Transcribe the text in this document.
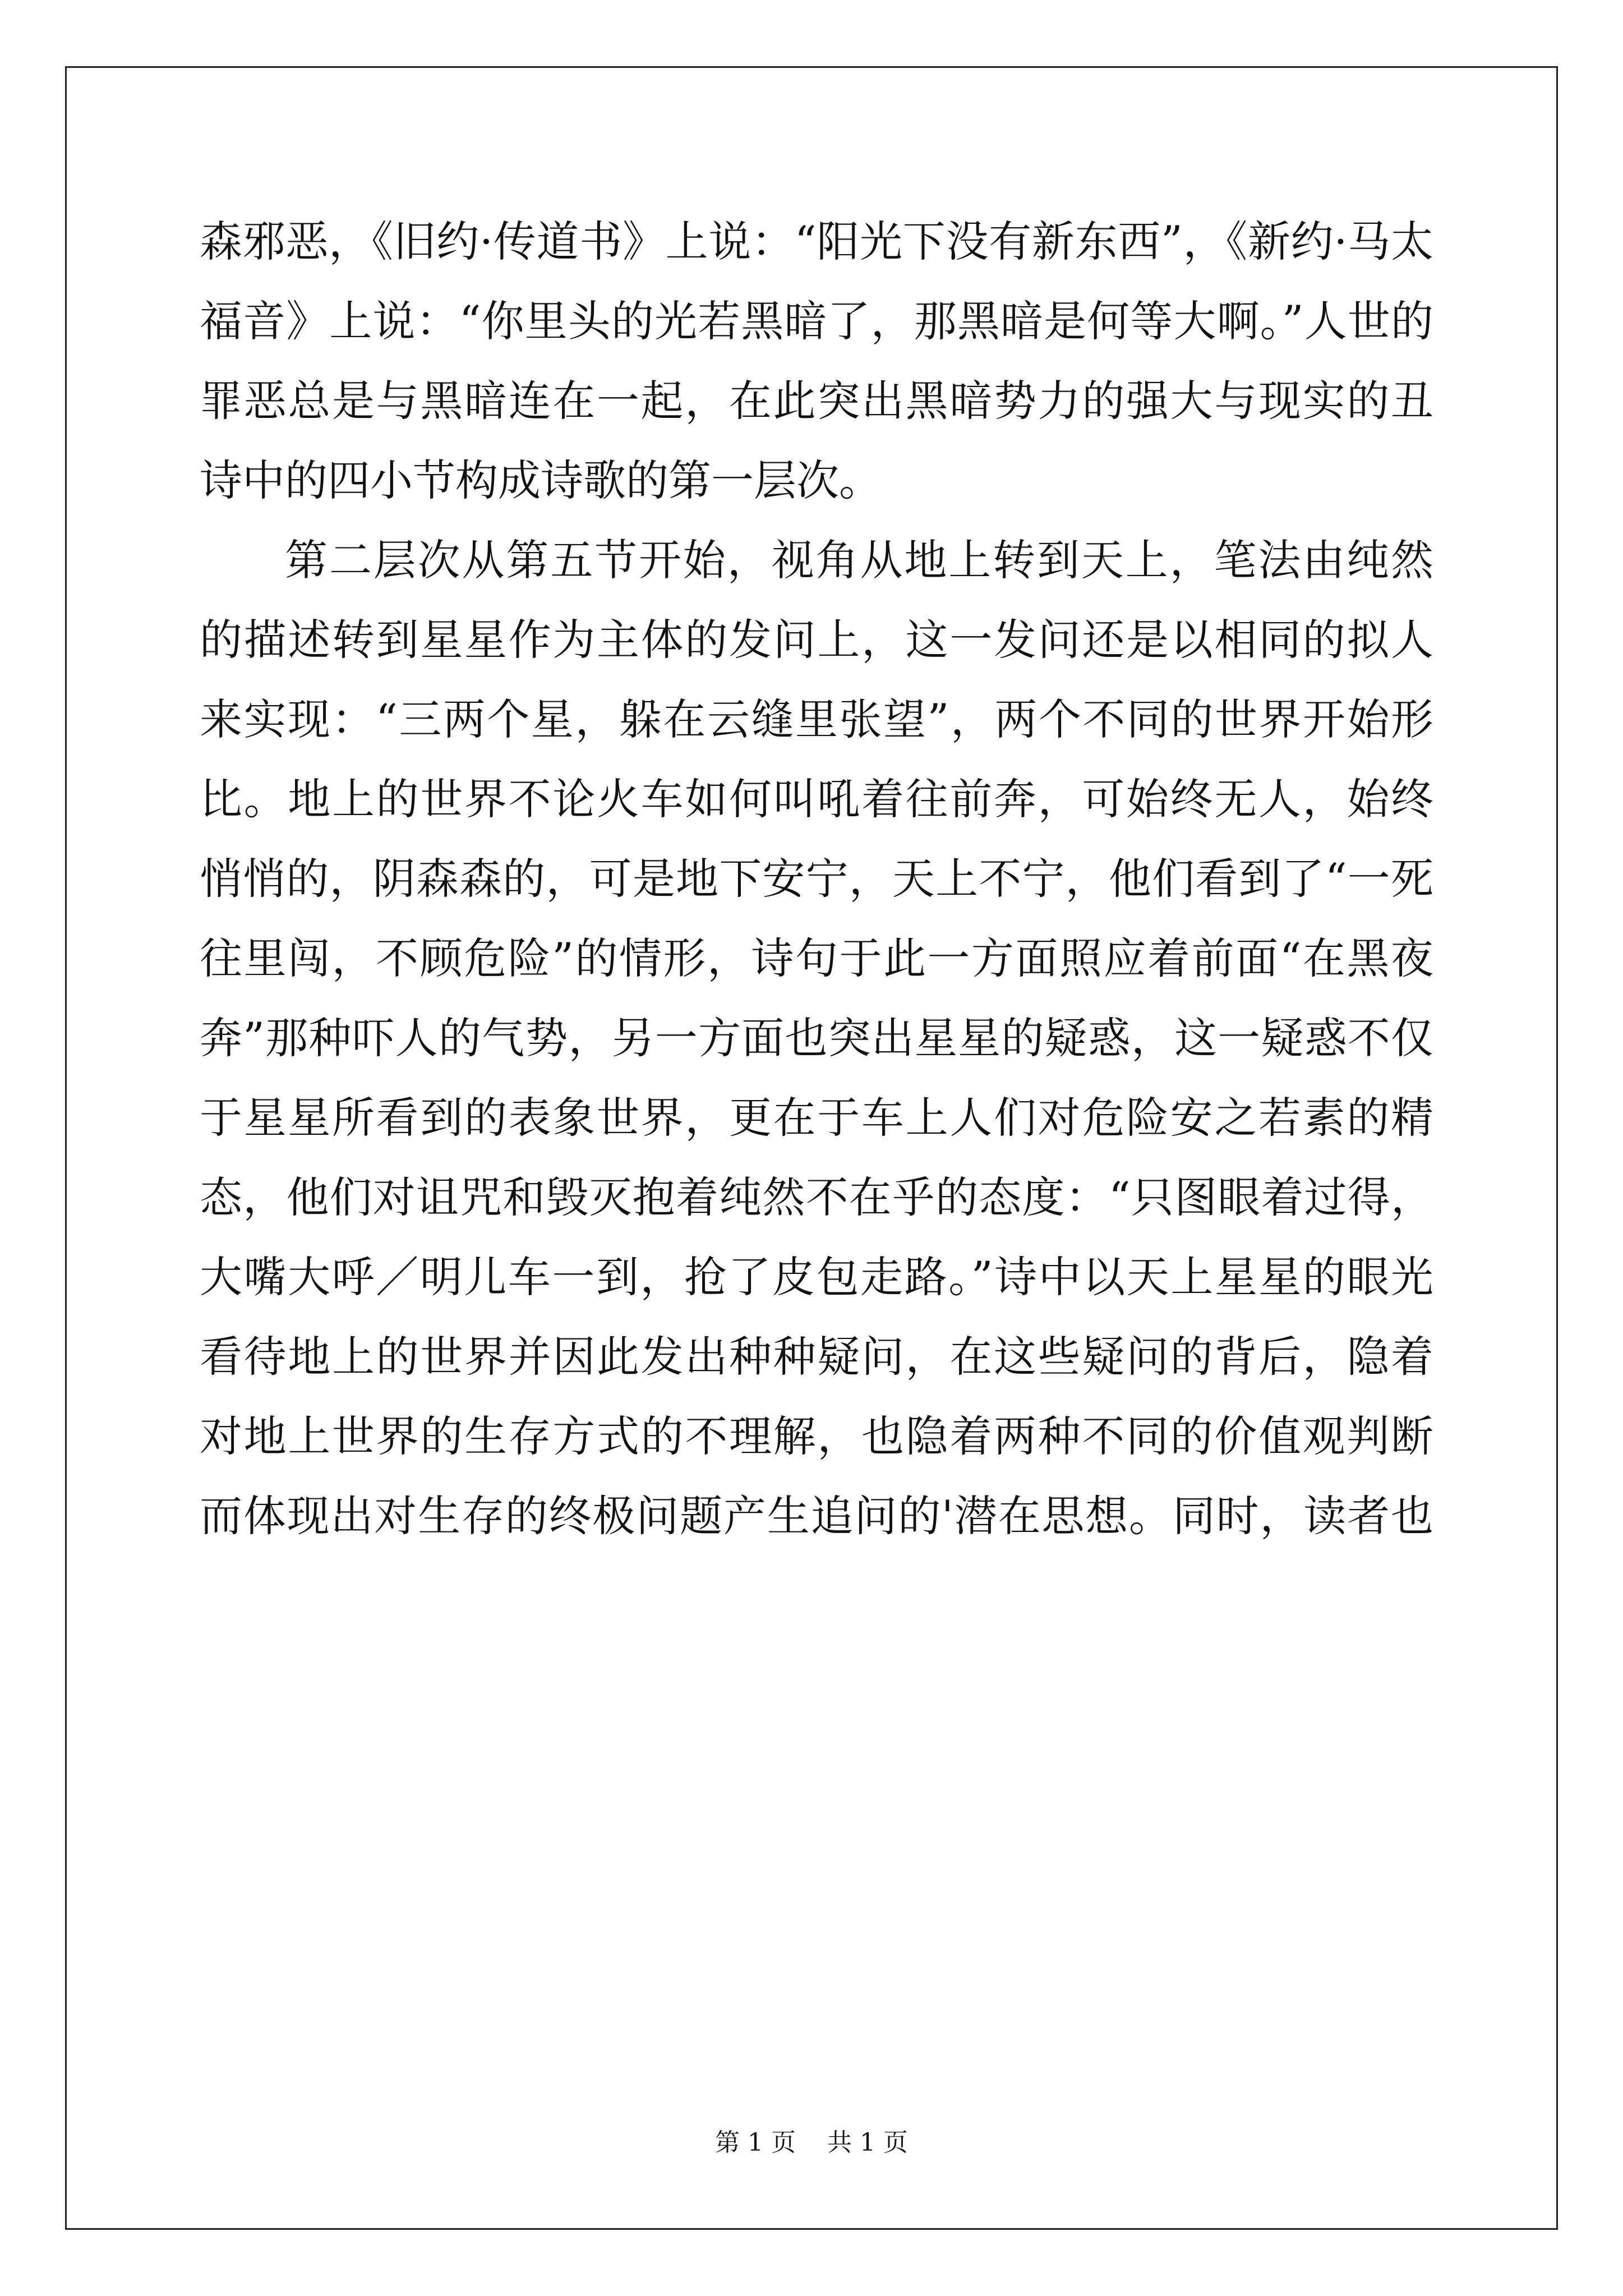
森邪恶，《旧约·传道书》上说：“阳光下没有新东西”，《新约·马太
福音》上说：“你里头的光若黑暗了，那黑暗是何等大啊。”人世的
罪恶总是与黑暗连在一起，在此突出黑暗势力的强大与现实的丑
诗中的四小节构成诗歌的第一层次。
第二层次从第五节开始，视角从地上转到天上，笔法由纯然
的描述转到星星作为主体的发问上，这一发问还是以相同的拟人
来实现：“三两个星，躲在云缝里张望”，两个不同的世界开始形
比。地上的世界不论火车如何叫吼着往前奔，可始终无人，始终
悄悄的，阴森森的，可是地下安宁，天上不宁，他们看到了“一死
往里闯，不顾危险”的情形，诗句于此一方面照应着前面“在黑夜
奔”那种吓人的气势，另一方面也突出星星的疑惑，这一疑惑不仅
于星星所看到的表象世界，更在于车上人们对危险安之若素的精
态，他们对诅咒和毁灭抱着纯然不在乎的态度：“只图眼着过得，
大嘴大呼／明儿车一到，抢了皮包走路。”诗中以天上星星的眼光
看待地上的世界并因此发出种种疑问，在这些疑问的背后，隐着
对地上世界的生存方式的不理解，也隐着两种不同的价值观判断
而体现出对生存的终极问题产生追问的'潜在思想。同时，读者也
第 1 页    共 1 页
